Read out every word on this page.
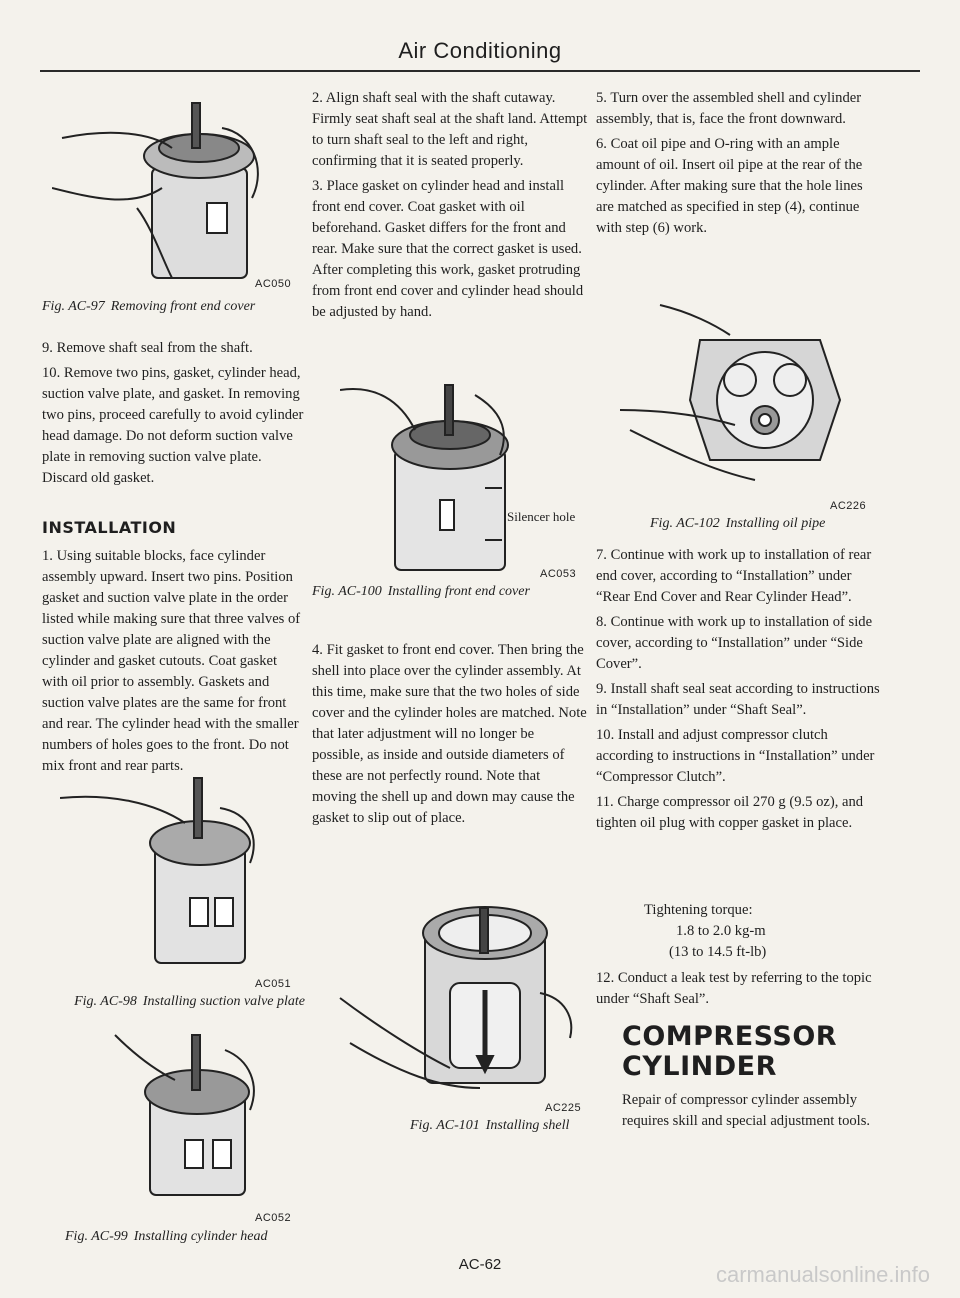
Air Conditioning
AC050
Fig. AC-97 Removing front end cover

9. Remove shaft seal from the shaft.

10. Remove two pins, gasket, cylinder head, suction valve plate, and gasket. In removing two pins, proceed carefully to avoid cylinder head damage. Do not deform suction valve plate in removing suction valve plate. Discard old gasket.

INSTALLATION

1. Using suitable blocks, face cylinder assembly upward. Insert two pins. Position gasket and suction valve plate in the order listed while making sure that three valves of suction valve plate are aligned with the cylinder and gasket cutouts. Coat gasket with oil prior to assembly. Gaskets and suction valve plates are the same for front and rear. The cylinder head with the smaller numbers of holes goes to the front. Do not mix front and rear parts.

AC051
Fig. AC-98 Installing suction valve plate
AC052
Fig. AC-99 Installing cylinder head

2. Align shaft seal with the shaft cutaway. Firmly seat shaft seal at the shaft land. Attempt to turn shaft seal to the left and right, confirming that it is seated properly.

3. Place gasket on cylinder head and install front end cover. Coat gasket with oil beforehand. Gasket differs for the front and rear. Make sure that the correct gasket is used. After completing this work, gasket protruding from front end cover and cylinder head should be adjusted by hand.

Silencer hole
AC053
Fig. AC-100 Installing front end cover

4. Fit gasket to front end cover. Then bring the shell into place over the cylinder assembly. At this time, make sure that the two holes of side cover and the cylinder holes are matched. Note that later adjustment will no longer be possible, as inside and outside diameters of these are not perfectly round. Note that moving the shell up and down may cause the gasket to slip out of place.

AC225
Fig. AC-101 Installing shell

5. Turn over the assembled shell and cylinder assembly, that is, face the front downward.

6. Coat oil pipe and O-ring with an ample amount of oil. Insert oil pipe at the rear of the cylinder. After making sure that the hole lines are matched as specified in step (4), continue with step (6) work.

AC226
Fig. AC-102 Installing oil pipe

7. Continue with work up to installation of rear end cover, according to “Installation” under “Rear End Cover and Rear Cylinder Head”.

8. Continue with work up to installation of side cover, according to “Installation” under “Side Cover”.

9. Install shaft seal seat according to instructions in “Installation” under “Shaft Seal”.

10. Install and adjust compressor clutch according to instructions in “Installation” under “Compressor Clutch”.

11. Charge compressor oil 270 g (9.5 oz), and tighten oil plug with copper gasket in place.

Tightening torque:
1.8 to 2.0 kg-m
(13 to 14.5 ft-lb)

12. Conduct a leak test by referring to the topic under “Shaft Seal”.

COMPRESSOR
CYLINDER

Repair of compressor cylinder assembly requires skill and special adjustment tools.

AC-62	carmanualsonline.info
